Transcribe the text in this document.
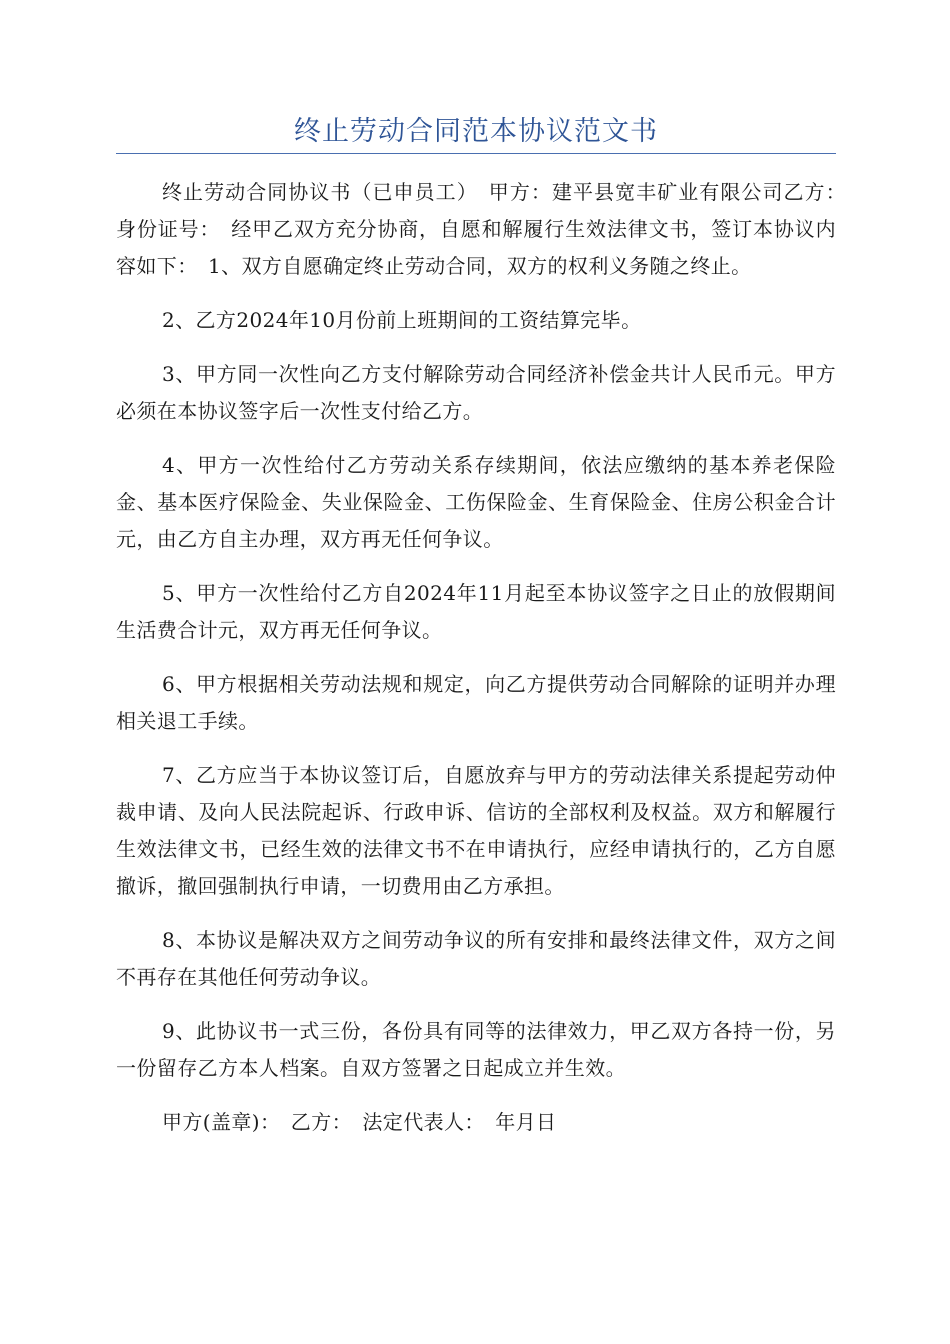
终止劳动合同范本协议范文书

终止劳动合同协议书（已申员工）　甲方：建平县宽丰矿业有限公司乙方：　身份证号：　经甲乙双方充分协商，自愿和解履行生效法律文书，签订本协议内容如下：　1、双方自愿确定终止劳动合同，双方的权利义务随之终止。

2、乙方2024年10月份前上班期间的工资结算完毕。

3、甲方同一次性向乙方支付解除劳动合同经济补偿金共计人民币元。甲方必须在本协议签字后一次性支付给乙方。

4、甲方一次性给付乙方劳动关系存续期间，依法应缴纳的基本养老保险金、基本医疗保险金、失业保险金、工伤保险金、生育保险金、住房公积金合计元，由乙方自主办理，双方再无任何争议。

5、甲方一次性给付乙方自2024年11月起至本协议签字之日止的放假期间生活费合计元，双方再无任何争议。

6、甲方根据相关劳动法规和规定，向乙方提供劳动合同解除的证明并办理相关退工手续。

7、乙方应当于本协议签订后，自愿放弃与甲方的劳动法律关系提起劳动仲裁申请、及向人民法院起诉、行政申诉、信访的全部权利及权益。双方和解履行生效法律文书，已经生效的法律文书不在申请执行，应经申请执行的，乙方自愿撤诉，撤回强制执行申请，一切费用由乙方承担。

8、本协议是解决双方之间劳动争议的所有安排和最终法律文件，双方之间不再存在其他任何劳动争议。

9、此协议书一式三份，各份具有同等的法律效力，甲乙双方各持一份，另一份留存乙方本人档案。自双方签署之日起成立并生效。

甲方(盖章)：　乙方：　法定代表人：　年月日
